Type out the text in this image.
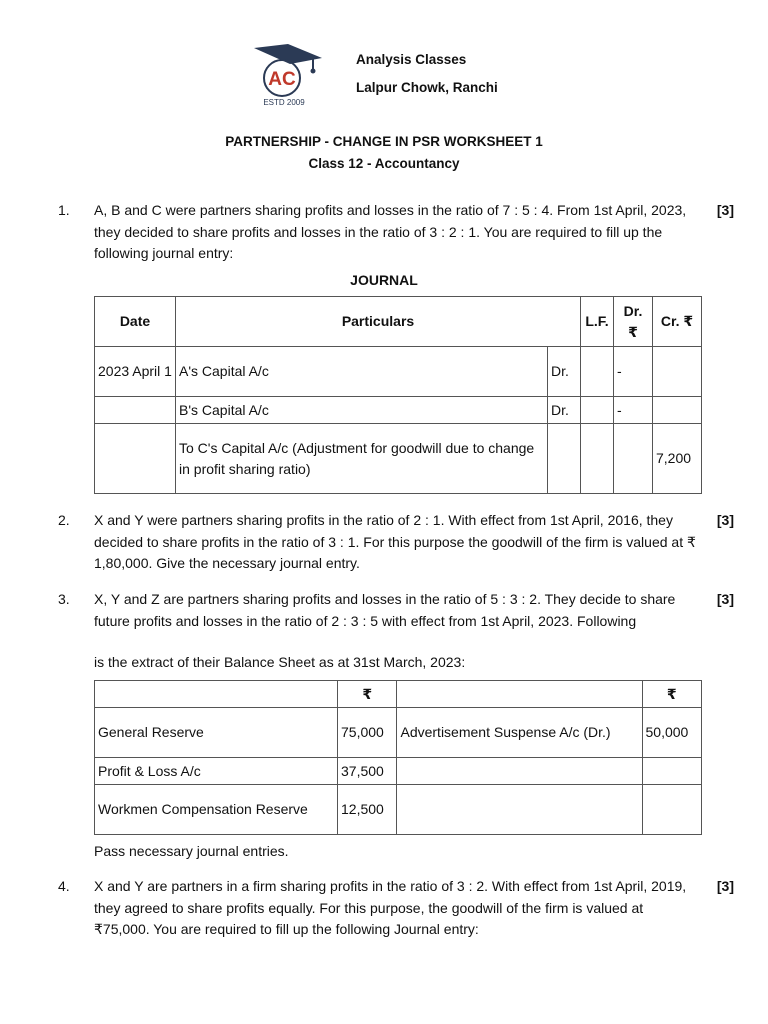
AC
ESTD 2009
Analysis Classes
Lalpur Chowk, Ranchi
PARTNERSHIP - CHANGE IN PSR WORKSHEET 1
Class 12 - Accountancy
1. A, B and C were partners sharing profits and losses in the ratio of 7 : 5 : 4. From 1st April, 2023, they decided to share profits and losses in the ratio of 3 : 2 : 1. You are required to fill up the following journal entry:
[3]
JOURNAL
Date	Particulars		L.F.	Dr. ₹	Cr. ₹
2023 April 1	A's Capital A/c	Dr.		-	
	B's Capital A/c	Dr.		-	
	To C's Capital A/c (Adjustment for goodwill due to change in profit sharing ratio)				7,200
2. X and Y were partners sharing profits in the ratio of 2 : 1. With effect from 1st April, 2016, they decided to share profits in the ratio of 3 : 1. For this purpose the goodwill of the firm is valued at ₹ 1,80,000. Give the necessary journal entry.
[3]
3. X, Y and Z are partners sharing profits and losses in the ratio of 5 : 3 : 2. They decide to share future profits and losses in the ratio of 2 : 3 : 5 with effect from 1st April, 2023. Following
[3]
is the extract of their Balance Sheet as at 31st March, 2023:
	₹		₹
General Reserve	75,000	Advertisement Suspense A/c (Dr.)	50,000
Profit & Loss A/c	37,500		
Workmen Compensation Reserve	12,500		
Pass necessary journal entries.
4. X and Y are partners in a firm sharing profits in the ratio of 3 : 2. With effect from 1st April, 2019, they agreed to share profits equally. For this purpose, the goodwill of the firm is valued at ₹75,000. You are required to fill up the following Journal entry:
[3]
